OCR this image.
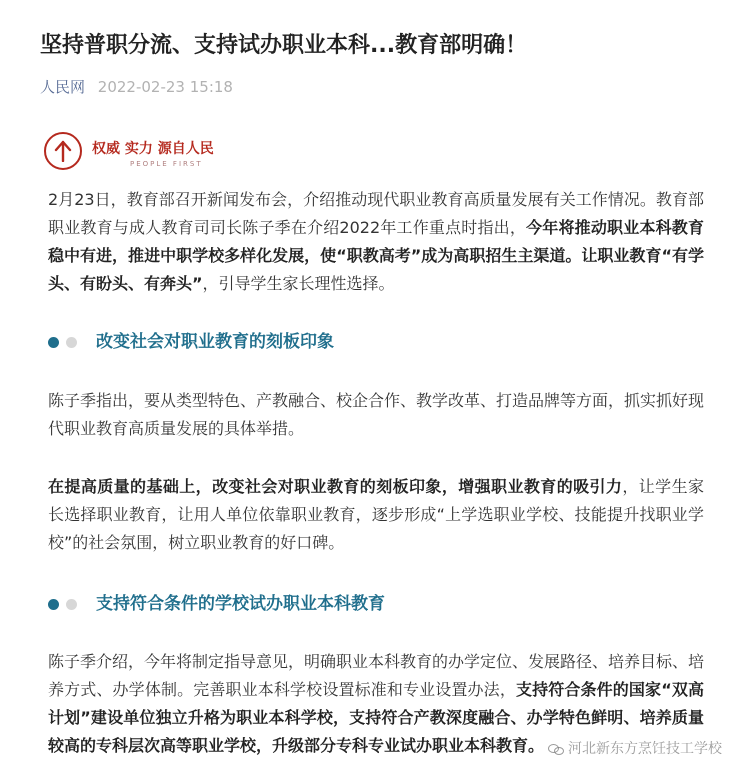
坚持普职分流、支持试办职业本科...教育部明确！
人民网 2022-02-23 15:18
权威 实力 源自人民
PEOPLE FIRST

2月23日，教育部召开新闻发布会，介绍推动现代职业教育高质量发展有关工作情况。教育部职业教育与成人教育司司长陈子季在介绍2022年工作重点时指出，今年将推动职业本科教育稳中有进，推进中职学校多样化发展，使“职教高考”成为高职招生主渠道。让职业教育“有学头、有盼头、有奔头”，引导学生家长理性选择。

改变社会对职业教育的刻板印象

陈子季指出，要从类型特色、产教融合、校企合作、教学改革、打造品牌等方面，抓实抓好现代职业教育高质量发展的具体举措。

在提高质量的基础上，改变社会对职业教育的刻板印象，增强职业教育的吸引力，让学生家长选择职业教育，让用人单位依靠职业教育，逐步形成“上学选职业学校、技能提升找职业学校”的社会氛围，树立职业教育的好口碑。

支持符合条件的学校试办职业本科教育

陈子季介绍，今年将制定指导意见，明确职业本科教育的办学定位、发展路径、培养目标、培养方式、办学体制。完善职业本科学校设置标准和专业设置办法，支持符合条件的国家“双高计划”建设单位独立升格为职业本科学校，支持符合产教深度融合、办学特色鲜明、培养质量较高的专科层次高等职业学校，升级部分专科专业试办职业本科教育。	河北新东方烹饪技工学校
